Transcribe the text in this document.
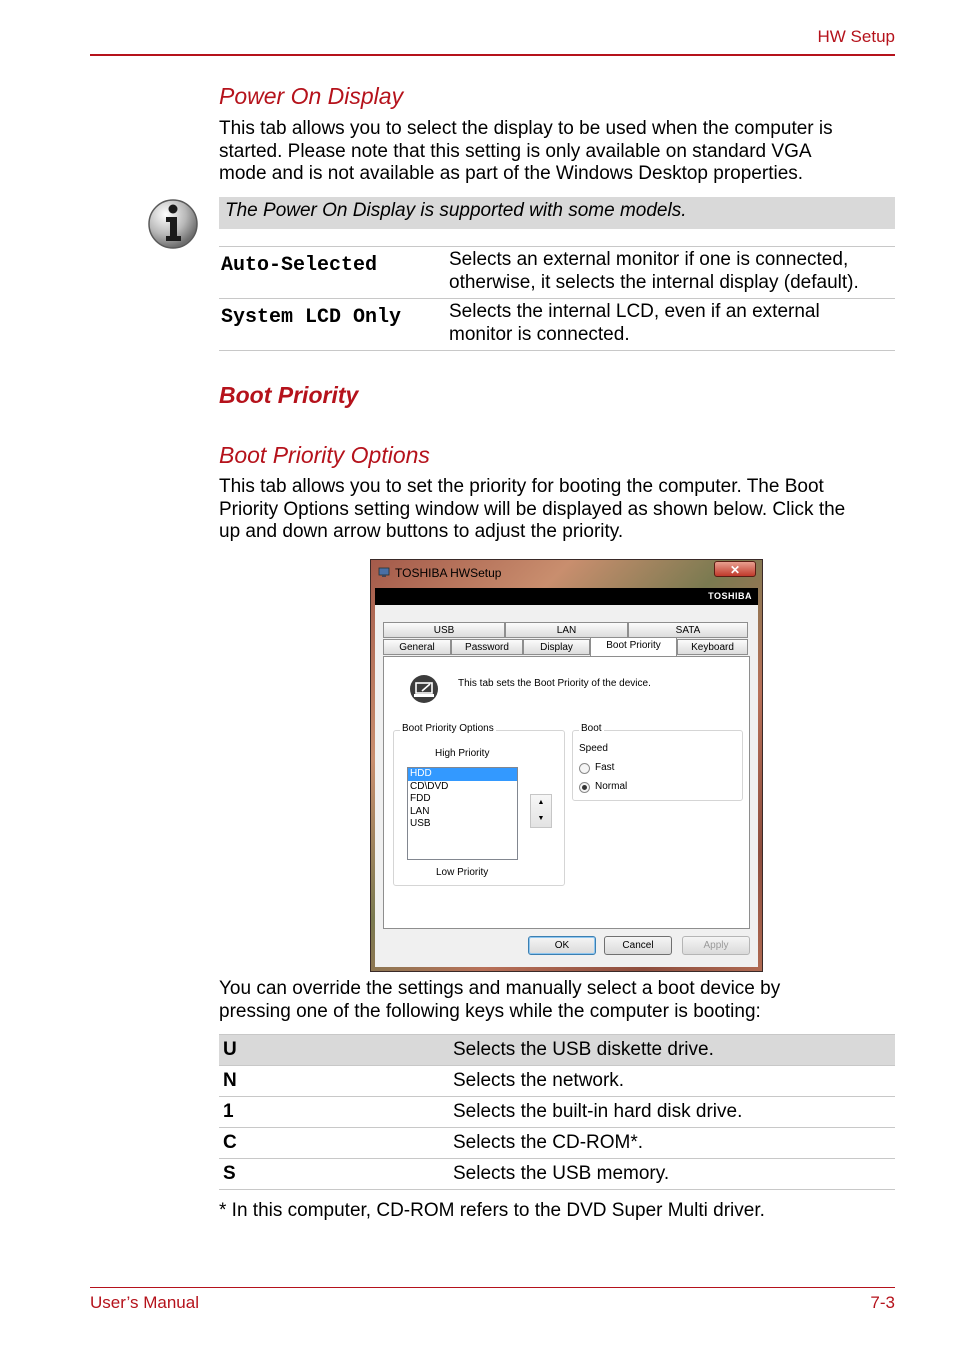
HW Setup
Power On Display
This tab allows you to select the display to be used when the computer is
started. Please note that this setting is only available on standard VGA
mode and is not available as part of the Windows Desktop properties.
The Power On Display is supported with some models.
Auto-Selected	Selects an external monitor if one is connected,
otherwise, it selects the internal display (default).

System LCD Only	Selects the internal LCD, even if an external
monitor is connected.
Boot Priority
Boot Priority Options
This tab allows you to set the priority for booting the computer. The Boot
Priority Options setting window will be displayed as shown below. Click the
up and down arrow buttons to adjust the priority.
TOSHIBA HWSetup	✕
TOSHIBA
USB	LAN	SATA
General	Password	Display	Keyboard
This tab sets the Boot Priority of the device.
Boot Priority Options
High Priority
HDD
CD\DVD
FDD
LAN
USB
▲
▼
Low Priority
Boot
Speed
Fast
Normal
Boot Priority
OK	Cancel	Apply
You can override the settings and manually select a boot device by
pressing one of the following keys while the computer is booting:
U	Selects the USB diskette drive.
N	Selects the network.
1	Selects the built-in hard disk drive.
C	Selects the CD-ROM*.
S	Selects the USB memory.
* In this computer, CD-ROM refers to the DVD Super Multi driver.
User’s Manual	7-3
